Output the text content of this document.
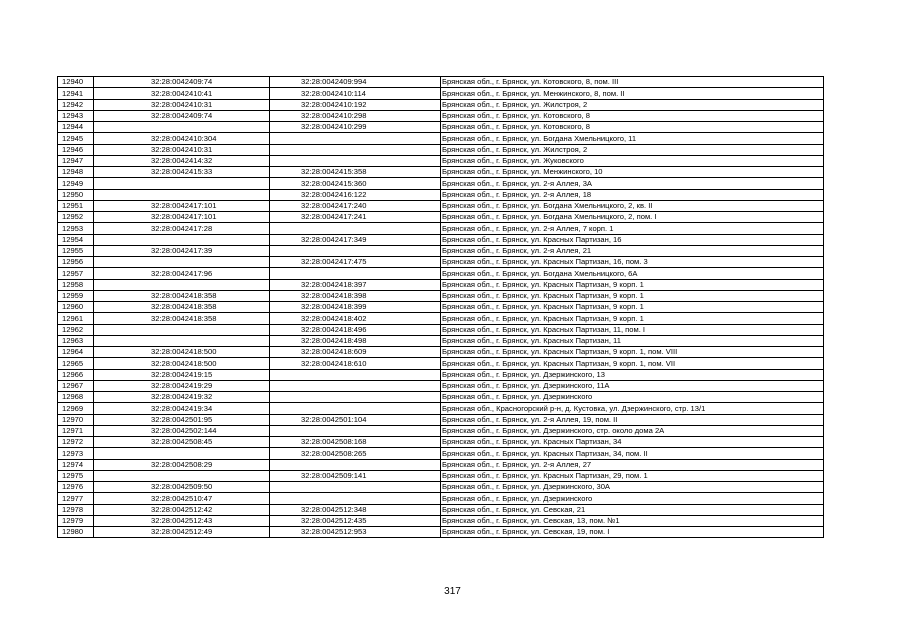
12940	32:28:0042409:74	32:28:0042409:994	Брянская обл., г. Брянск, ул. Котовского, 8, пом. III
12941	32:28:0042410:41	32:28:0042410:114	Брянская обл., г. Брянск, ул. Менжинского, 8, пом. II
12942	32:28:0042410:31	32:28:0042410:192	Брянская обл., г. Брянск, ул. Жилстроя, 2
12943	32:28:0042409:74	32:28:0042410:298	Брянская обл., г. Брянск, ул. Котовского, 8
12944		32:28:0042410:299	Брянская обл., г. Брянск, ул. Котовского, 8
12945	32:28:0042410:304		Брянская обл., г. Брянск, ул. Богдана Хмельницкого, 11
12946	32:28:0042410:31		Брянская обл., г. Брянск, ул. Жилстроя, 2
12947	32:28:0042414:32		Брянская обл., г. Брянск, ул. Жуковского
12948	32:28:0042415:33	32:28:0042415:358	Брянская обл., г. Брянск, ул. Менжинского, 10
12949		32:28:0042415:360	Брянская обл., г. Брянск, ул. 2-я Аллея, 3А
12950		32:28:0042416:122	Брянская обл., г. Брянск, ул. 2-я Аллея, 18
12951	32:28:0042417:101	32:28:0042417:240	Брянская обл., г. Брянск, ул. Богдана Хмельницкого, 2, кв. II
12952	32:28:0042417:101	32:28:0042417:241	Брянская обл., г. Брянск, ул. Богдана Хмельницкого, 2, пом. I
12953	32:28:0042417:28		Брянская обл., г. Брянск, ул. 2-я Аллея, 7 корп. 1
12954		32:28:0042417:349	Брянская обл., г. Брянск, ул. Красных Партизан, 16
12955	32:28:0042417:39		Брянская обл., г. Брянск, ул. 2-я Аллея, 21
12956		32:28:0042417:475	Брянская обл., г. Брянск, ул. Красных Партизан, 16, пом. 3
12957	32:28:0042417:96		Брянская обл., г. Брянск, ул. Богдана Хмельницкого, 6А
12958		32:28:0042418:397	Брянская обл., г. Брянск, ул. Красных Партизан, 9 корп. 1
12959	32:28:0042418:358	32:28:0042418:398	Брянская обл., г. Брянск, ул. Красных Партизан, 9 корп. 1
12960	32:28:0042418:358	32:28:0042418:399	Брянская обл., г. Брянск, ул. Красных Партизан, 9 корп. 1
12961	32:28:0042418:358	32:28:0042418:402	Брянская обл., г. Брянск, ул. Красных Партизан, 9 корп. 1
12962		32:28:0042418:496	Брянская обл., г. Брянск, ул. Красных Партизан, 11, пом. I
12963		32:28:0042418:498	Брянская обл., г. Брянск, ул. Красных Партизан, 11
12964	32:28:0042418:500	32:28:0042418:609	Брянская обл., г. Брянск, ул. Красных Партизан, 9 корп. 1, пом. VIII
12965	32:28:0042418:500	32:28:0042418:610	Брянская обл., г. Брянск, ул. Красных Партизан, 9 корп. 1, пом. VII
12966	32:28:0042419:15		Брянская обл., г. Брянск, ул. Дзержинского, 13
12967	32:28:0042419:29		Брянская обл., г. Брянск, ул. Дзержинского, 11А
12968	32:28:0042419:32		Брянская обл., г. Брянск, ул. Дзержинского
12969	32:28:0042419:34		Брянская обл., Красногорский р-н, д. Кустовка, ул. Дзержинского, стр. 13/1
12970	32:28:0042501:95	32:28:0042501:104	Брянская обл., г. Брянск, ул. 2-я Аллея, 19, пом. II
12971	32:28:0042502:144		Брянская обл., г. Брянск, ул. Дзержинского, стр. около дома 2А
12972	32:28:0042508:45	32:28:0042508:168	Брянская обл., г. Брянск, ул. Красных Партизан, 34
12973		32:28:0042508:265	Брянская обл., г. Брянск, ул. Красных Партизан, 34, пом. II
12974	32:28:0042508:29		Брянская обл., г. Брянск, ул. 2-я Аллея, 27
12975		32:28:0042509:141	Брянская обл., г. Брянск, ул. Красных Партизан, 29, пом. 1
12976	32:28:0042509:50		Брянская обл., г. Брянск, ул. Дзержинского, 30А
12977	32:28:0042510:47		Брянская обл., г. Брянск, ул. Дзержинского
12978	32:28:0042512:42	32:28:0042512:348	Брянская обл., г. Брянск, ул. Севская, 21
12979	32:28:0042512:43	32:28:0042512:435	Брянская обл., г. Брянск, ул. Севская, 13, пом. №1
12980	32:28:0042512:49	32:28:0042512:953	Брянская обл., г. Брянск, ул. Севская, 19, пом. I
317
